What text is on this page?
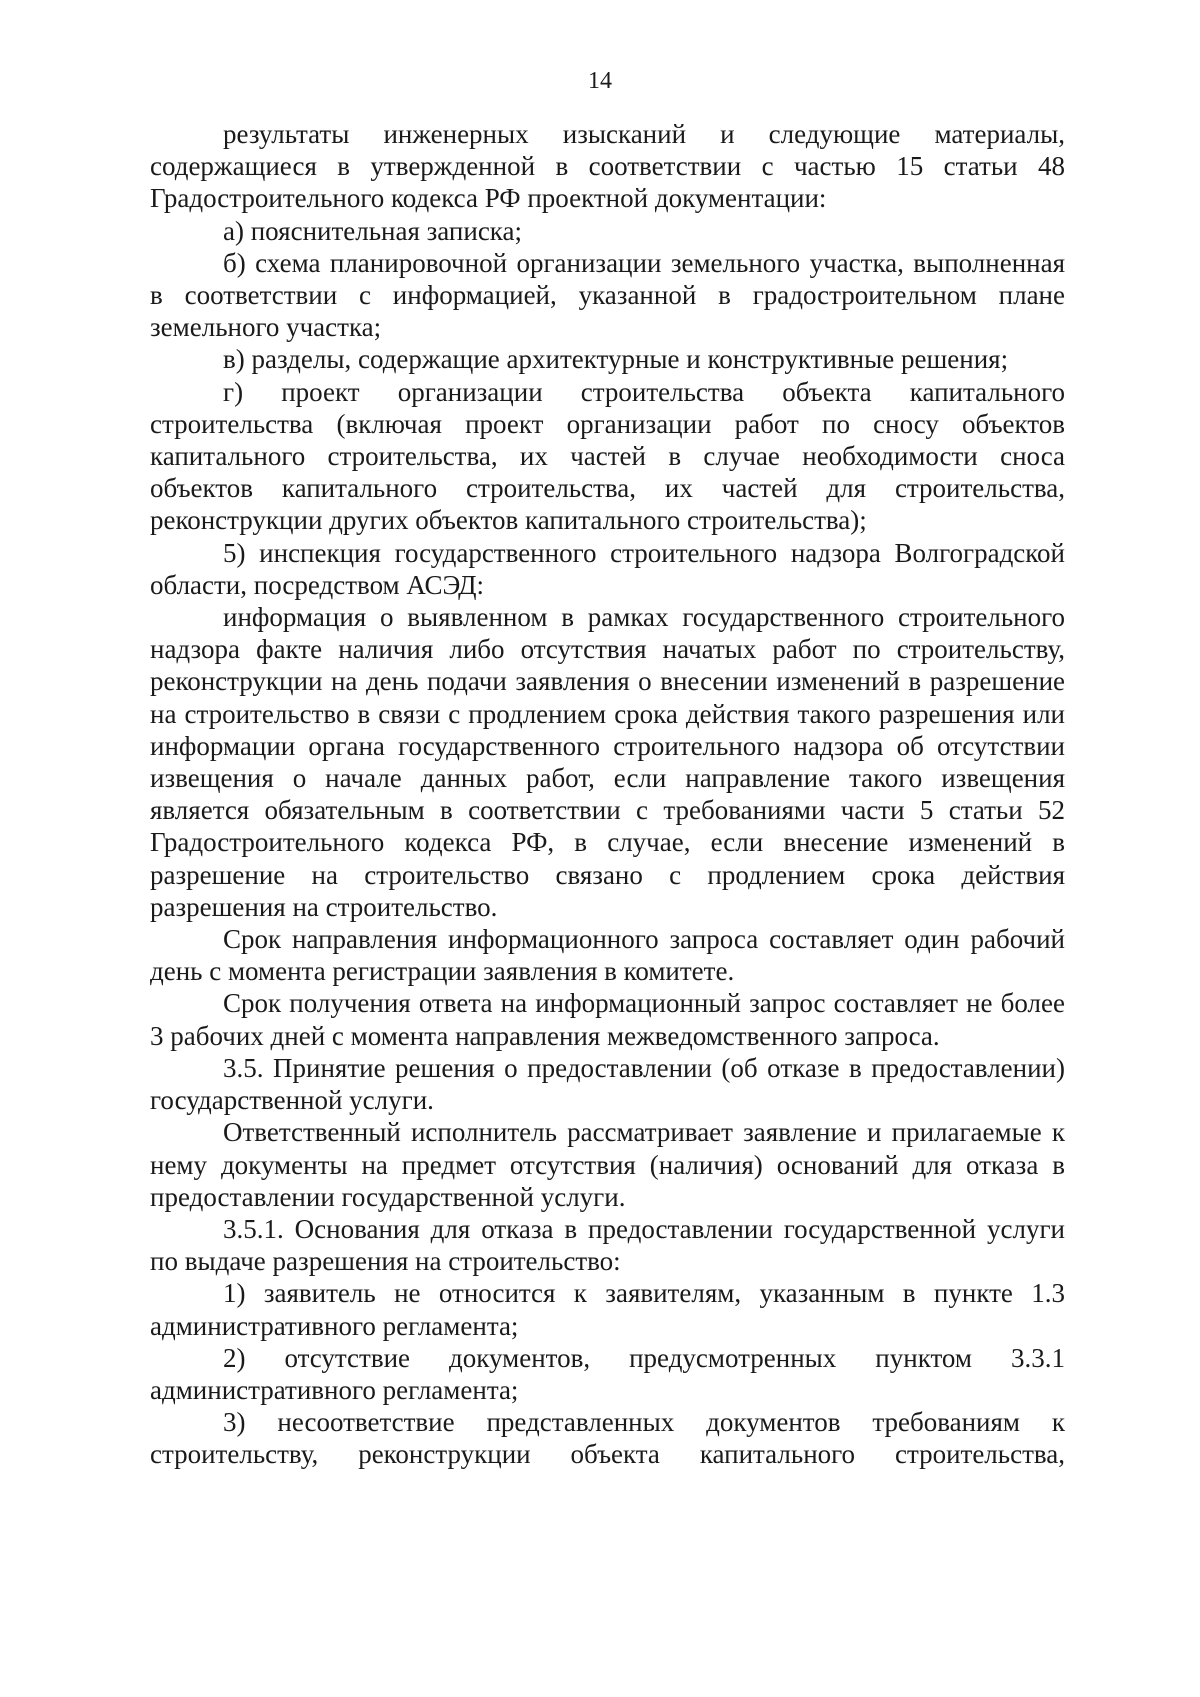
14

результаты инженерных изысканий и следующие материалы, содержащиеся в утвержденной в соответствии с частью 15 статьи 48 Градостроительного кодекса РФ проектной документации:

а) пояснительная записка;

б) схема планировочной организации земельного участка, выполненная в соответствии с информацией, указанной в градостроительном плане земельного участка;

в) разделы, содержащие архитектурные и конструктивные решения;

г) проект организации строительства объекта капитального строительства (включая проект организации работ по сносу объектов капитального строительства, их частей в случае необходимости сноса объектов капитального строительства, их частей для строительства, реконструкции других объектов капитального строительства);

5) инспекция государственного строительного надзора Волгоградской области, посредством АСЭД:

информация о выявленном в рамках государственного строительного надзора факте наличия либо отсутствия начатых работ по строительству, реконструкции на день подачи заявления о внесении изменений в разрешение на строительство в связи с продлением срока действия такого разрешения или информации органа государственного строительного надзора об отсутствии извещения о начале данных работ, если направление такого извещения является обязательным в соответствии с требованиями части 5 статьи 52 Градостроительного кодекса РФ, в случае, если внесение изменений в разрешение на строительство связано с продлением срока действия разрешения на строительство.

Срок направления информационного запроса составляет один рабочий день с момента регистрации заявления в комитете.

Срок получения ответа на информационный запрос составляет не более 3 рабочих дней с момента направления межведомственного запроса.

3.5. Принятие решения о предоставлении (об отказе в предоставлении) государственной услуги.

Ответственный исполнитель рассматривает заявление и прилагаемые к нему документы на предмет отсутствия (наличия) оснований для отказа в предоставлении государственной услуги.

3.5.1. Основания для отказа в предоставлении государственной услуги по выдаче разрешения на строительство:

1) заявитель не относится к заявителям, указанным в пункте 1.3 административного регламента;

2) отсутствие документов, предусмотренных пунктом 3.3.1 административного регламента;

3) несоответствие представленных документов требованиям к строительству, реконструкции объекта капитального строительства,
